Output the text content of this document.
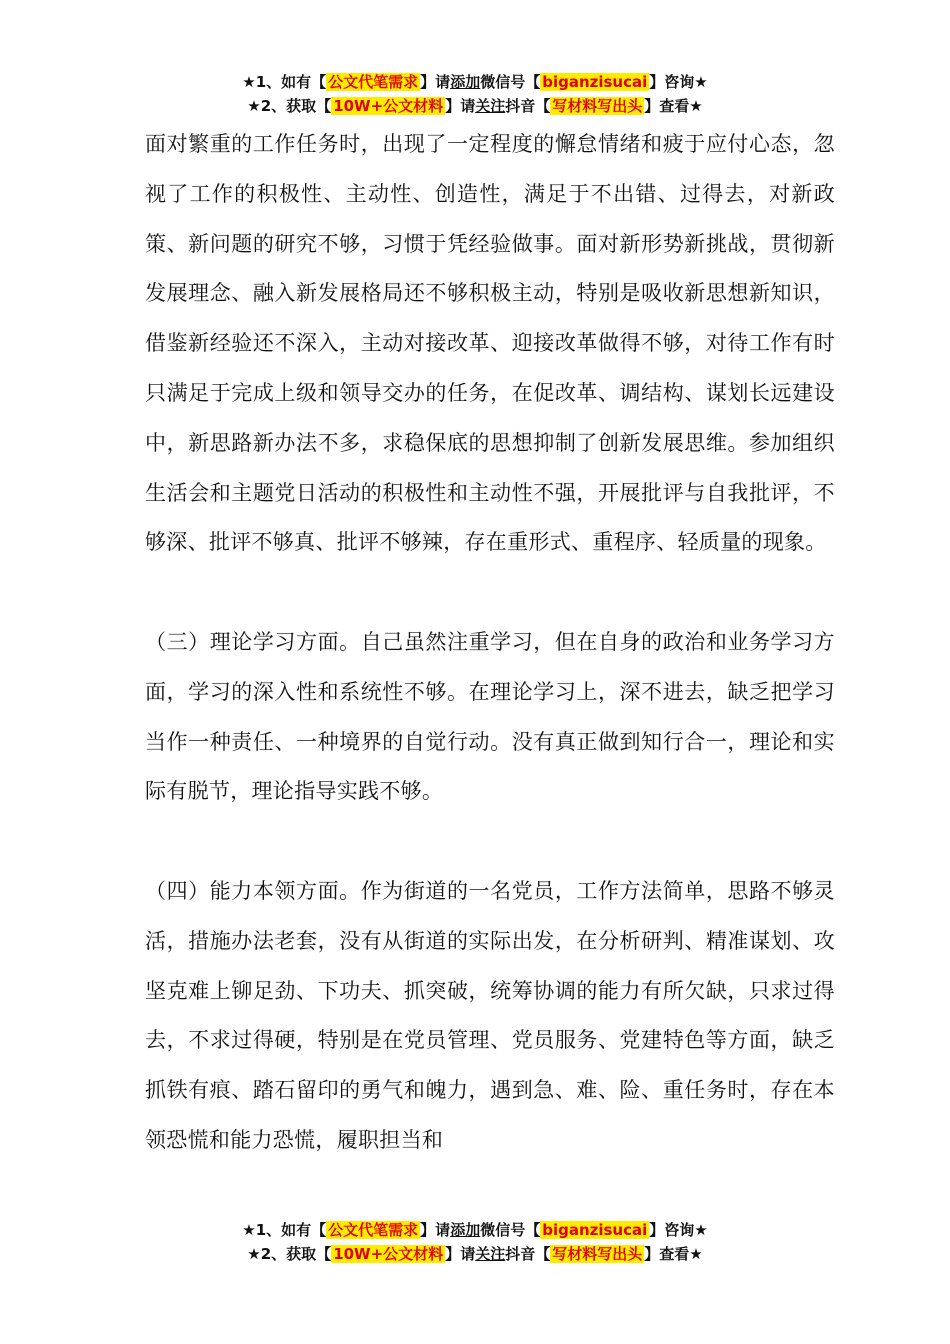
★1、如有【 公文代笔需求 】请添加微信号【 biganzisucai 】咨询★
★2、获取【 10W+公文材料 】请关注抖音【 写材料写出头 】查看★

面对繁重的工作任务时，出现了一定程度的懈怠情绪和疲于应付心态，忽视了工作的积极性、主动性、创造性，满足于不出错、过得去，对新政策、新问题的研究不够，习惯于凭经验做事。面对新形势新挑战，贯彻新发展理念、融入新发展格局还不够积极主动，特别是吸收新思想新知识，借鉴新经验还不深入，主动对接改革、迎接改革做得不够，对待工作有时只满足于完成上级和领导交办的任务，在促改革、调结构、谋划长远建设中，新思路新办法不多，求稳保底的思想抑制了创新发展思维。参加组织生活会和主题党日活动的积极性和主动性不强，开展批评与自我批评，不够深、批评不够真、批评不够辣，存在重形式、重程序、轻质量的现象。

（三）理论学习方面。自己虽然注重学习，但在自身的政治和业务学习方面，学习的深入性和系统性不够。在理论学习上，深不进去，缺乏把学习当作一种责任、一种境界的自觉行动。没有真正做到知行合一，理论和实际有脱节，理论指导实践不够。

（四）能力本领方面。作为街道的一名党员，工作方法简单，思路不够灵活，措施办法老套，没有从街道的实际出发，在分析研判、精准谋划、攻坚克难上铆足劲、下功夫、抓突破，统筹协调的能力有所欠缺，只求过得去，不求过得硬，特别是在党员管理、党员服务、党建特色等方面，缺乏抓铁有痕、踏石留印的勇气和魄力，遇到急、难、险、重任务时，存在本领恐慌和能力恐慌，履职担当和

★1、如有【 公文代笔需求 】请添加微信号【 biganzisucai 】咨询★
★2、获取【 10W+公文材料 】请关注抖音【 写材料写出头 】查看★
